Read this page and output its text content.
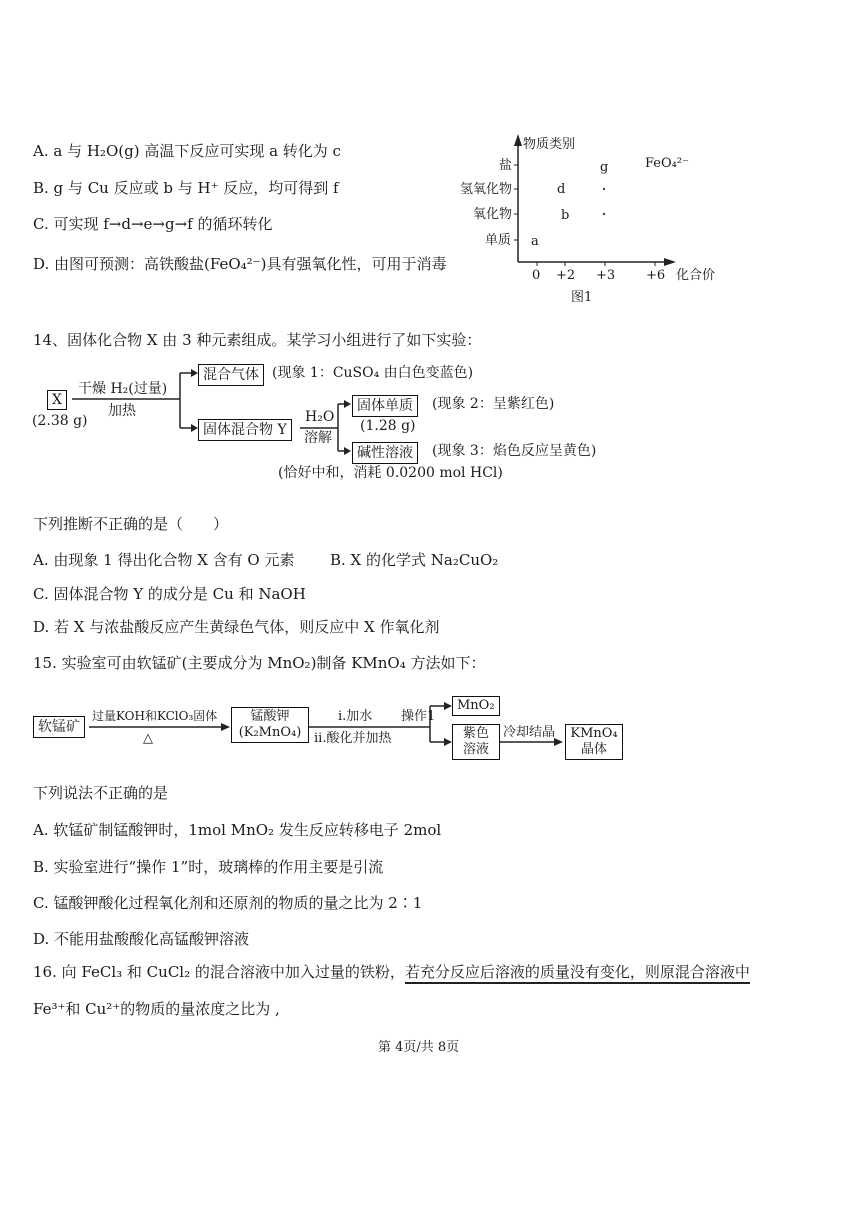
A. a 与 H₂O(g) 高温下反应可实现 a 转化为 c
B. g 与 Cu 反应或 b 与 H⁺ 反应，均可得到 f
C. 可实现 f→d→e→g→f 的循环转化
D. 由图可预测：高铁酸盐(FeO₄²⁻)具有强氧化性，可用于消毒
物质类别
盐
氢氧化物
氧化物
单质
0 +2 +3 +6 化合价
g	FeO₄²⁻
d
b
a
图1
14、固体化合物 X 由 3 种元素组成。某学习小组进行了如下实验：
X
(2.38 g)
干燥 H₂(过量)
加热
混合气体 (现象 1：CuSO₄ 由白色变蓝色)
固体混合物 Y
H₂O
溶解
固体单质	(现象 2：呈紫红色)
(1.28 g)
碱性溶液	(现象 3：焰色反应呈黄色)
(恰好中和，消耗 0.0200 mol HCl)
下列推断不正确的是（　　）
A. 由现象 1 得出化合物 X 含有 O 元素 B. X 的化学式 Na₂CuO₂
C. 固体混合物 Y 的成分是 Cu 和 NaOH
D. 若 X 与浓盐酸反应产生黄绿色气体，则反应中 X 作氧化剂
15. 实验室可由软锰矿(主要成分为 MnO₂)制备 KMnO₄ 方法如下：
软锰矿
过量KOH和KClO₃固体
△
锰酸钾
(K₂MnO₄)
i.加水
ii.酸化并加热
操作1
MnO₂
紫色
溶液
冷却结晶 KMnO₄
晶体
下列说法不正确的是
A. 软锰矿制锰酸钾时，1mol MnO₂ 发生反应转移电子 2mol
B. 实验室进行“操作 1”时，玻璃棒的作用主要是引流
C. 锰酸钾酸化过程氧化剂和还原剂的物质的量之比为 2∶1
D. 不能用盐酸酸化高锰酸钾溶液
16. 向 FeCl₃ 和 CuCl₂ 的混合溶液中加入过量的铁粉，若充分反应后溶液的质量没有变化，则原混合溶液中
Fe³⁺和 Cu²⁺的物质的量浓度之比为 ,
第 4页/共 8页
